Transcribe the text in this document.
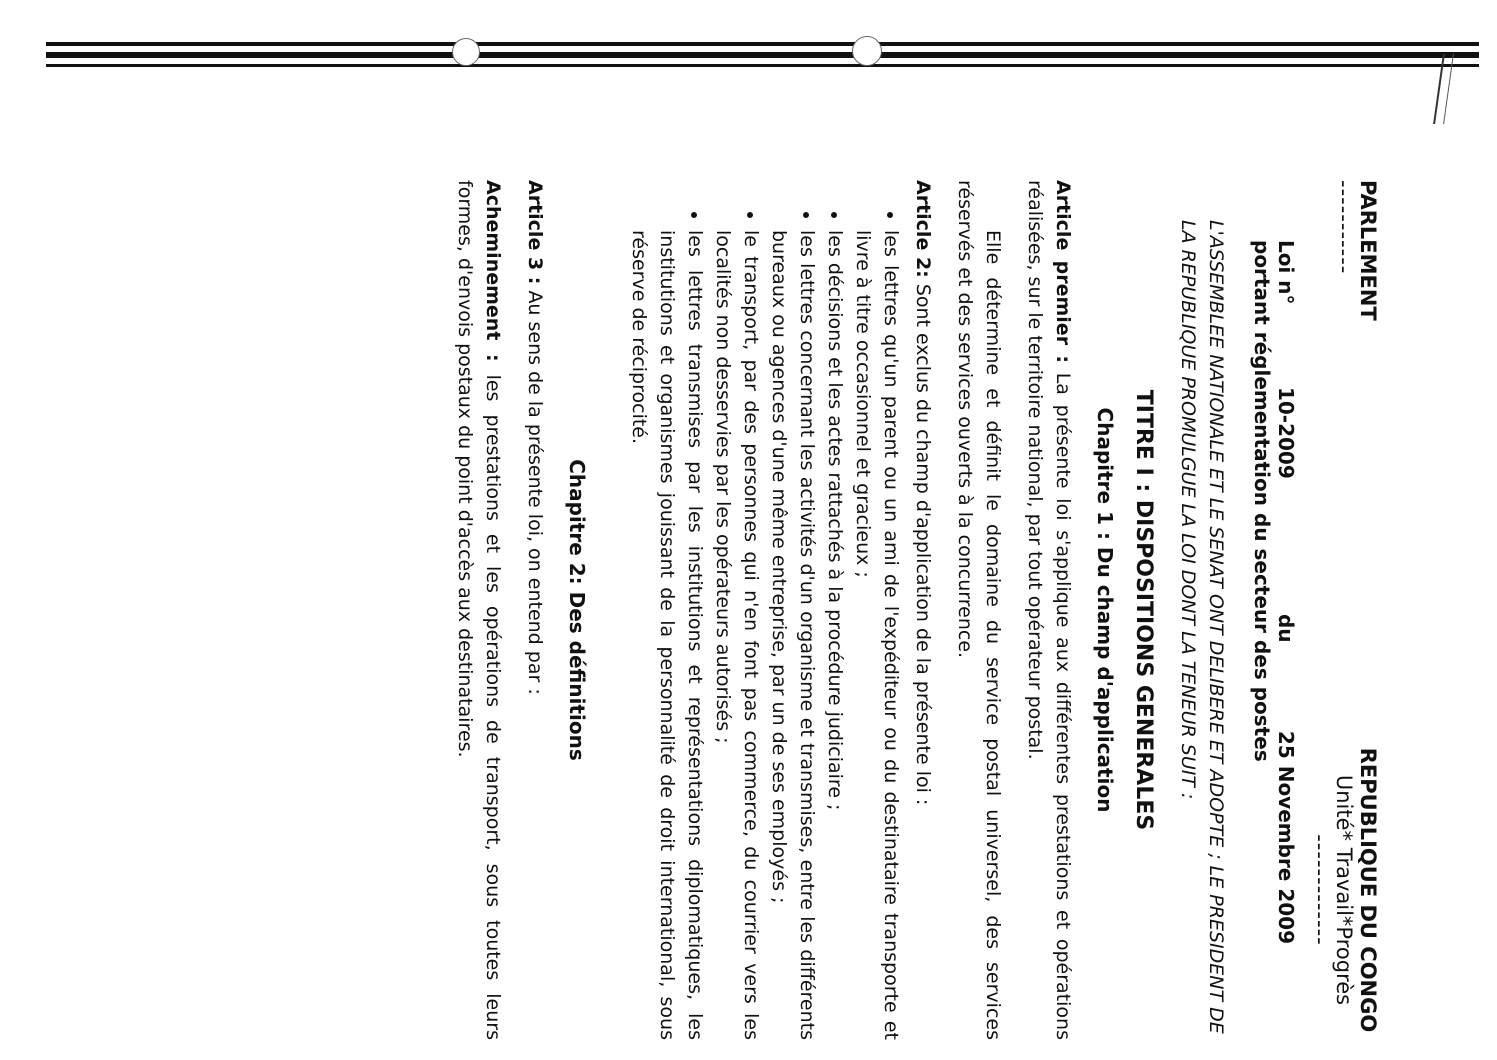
PARLEMENT
-----------
REPUBLIQUE DU CONGO
Unité* Travail*Progrès
-------------
Loi n° 10-2009 du 25 Novembre 2009
portant réglementation du secteur des postes
L'ASSEMBLEE NATIONALE ET LE SENAT ONT DELIBERE ET ADOPTE ; LE PRESIDENT DE LA REPUBLIQUE PROMULGUE LA LOI DONT LA TENEUR SUIT :
TITRE I : DISPOSITIONS GENERALES
Chapitre 1 : Du champ d'application
Article premier : La présente loi s'applique aux différentes prestations et opérations réalisées, sur le territoire national, par tout opérateur postal.
Elle détermine et définit le domaine du service postal universel, des services réservés et des services ouverts à la concurrence.
Article 2: Sont exclus du champ d'application de la présente loi :
• les lettres qu'un parent ou un ami de l'expéditeur ou du destinataire transporte et livre à titre occasionnel et gracieux ;
• les décisions et les actes rattachés à la procédure judiciaire ;
• les lettres concernant les activités d'un organisme et transmises, entre les différents bureaux ou agences d'une même entreprise, par un de ses employés ;
• le transport, par des personnes qui n'en font pas commerce, du courrier vers les localités non desservies par les opérateurs autorisés ;
• les lettres transmises par les institutions et représentations diplomatiques, les institutions et organismes jouissant de la personnalité de droit international, sous réserve de réciprocité.
Chapitre 2: Des définitions
Article 3 : Au sens de la présente loi, on entend par :
Acheminement : les prestations et les opérations de transport, sous toutes leurs formes, d'envois postaux du point d'accès aux destinataires.
